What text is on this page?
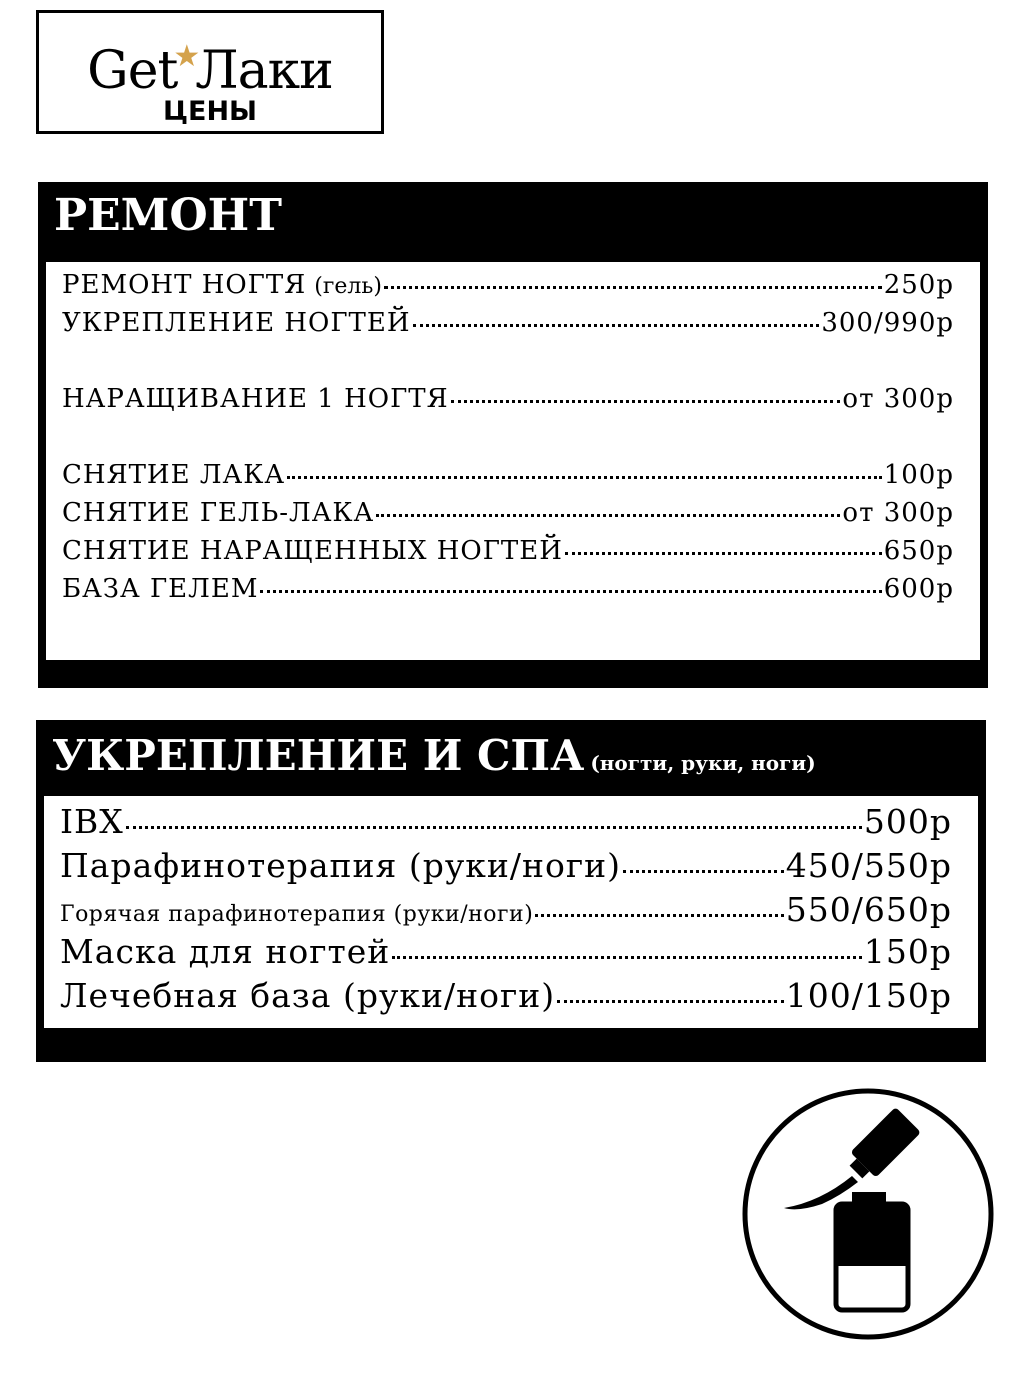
Get★Лаки
ЦЕНЫ
РЕМОНТ
РЕМОНТ НОГТЯ (гель)	250р
УКРЕПЛЕНИЕ НОГТЕЙ	300/990р
НАРАЩИВАНИЕ 1 НОГТЯ	от 300р
СНЯТИЕ ЛАКА	100р
СНЯТИЕ ГЕЛЬ-ЛАКА	от 300р
СНЯТИЕ НАРАЩЕННЫХ НОГТЕЙ	650р
БАЗА ГЕЛЕМ	600р
УКРЕПЛЕНИЕ И СПА (ногти, руки, ноги)
IBX	500р
Парафинотерапия (руки/ноги)	450/550р
Горячая парафинотерапия (руки/ноги)	550/650р
Маска для ногтей	150р
Лечебная база (руки/ноги)	100/150р
